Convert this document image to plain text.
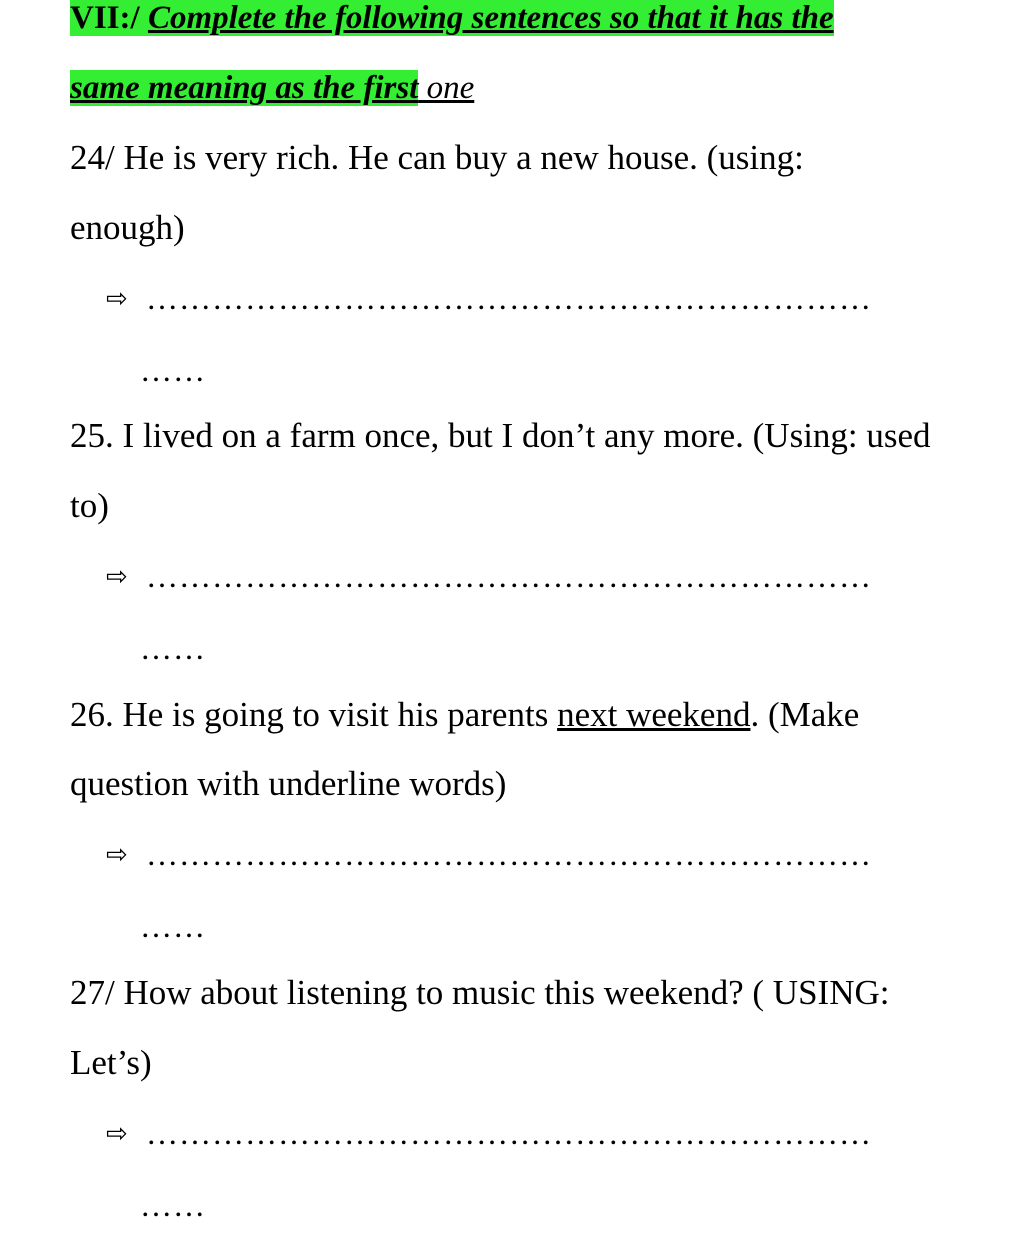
VII:/ Complete the following sentences so that it has the
same meaning as the first one
24/ He is very rich. He can buy a new house. (using:
enough)
⇨ …………………………………………………………
……
25. I lived on a farm once, but I don’t any more. (Using: used
to)
⇨ …………………………………………………………
……
26. He is going to visit his parents next weekend. (Make
question with underline words)
⇨ …………………………………………………………
……
27/ How about listening to music this weekend? ( USING:
Let’s)
⇨ …………………………………………………………
……
